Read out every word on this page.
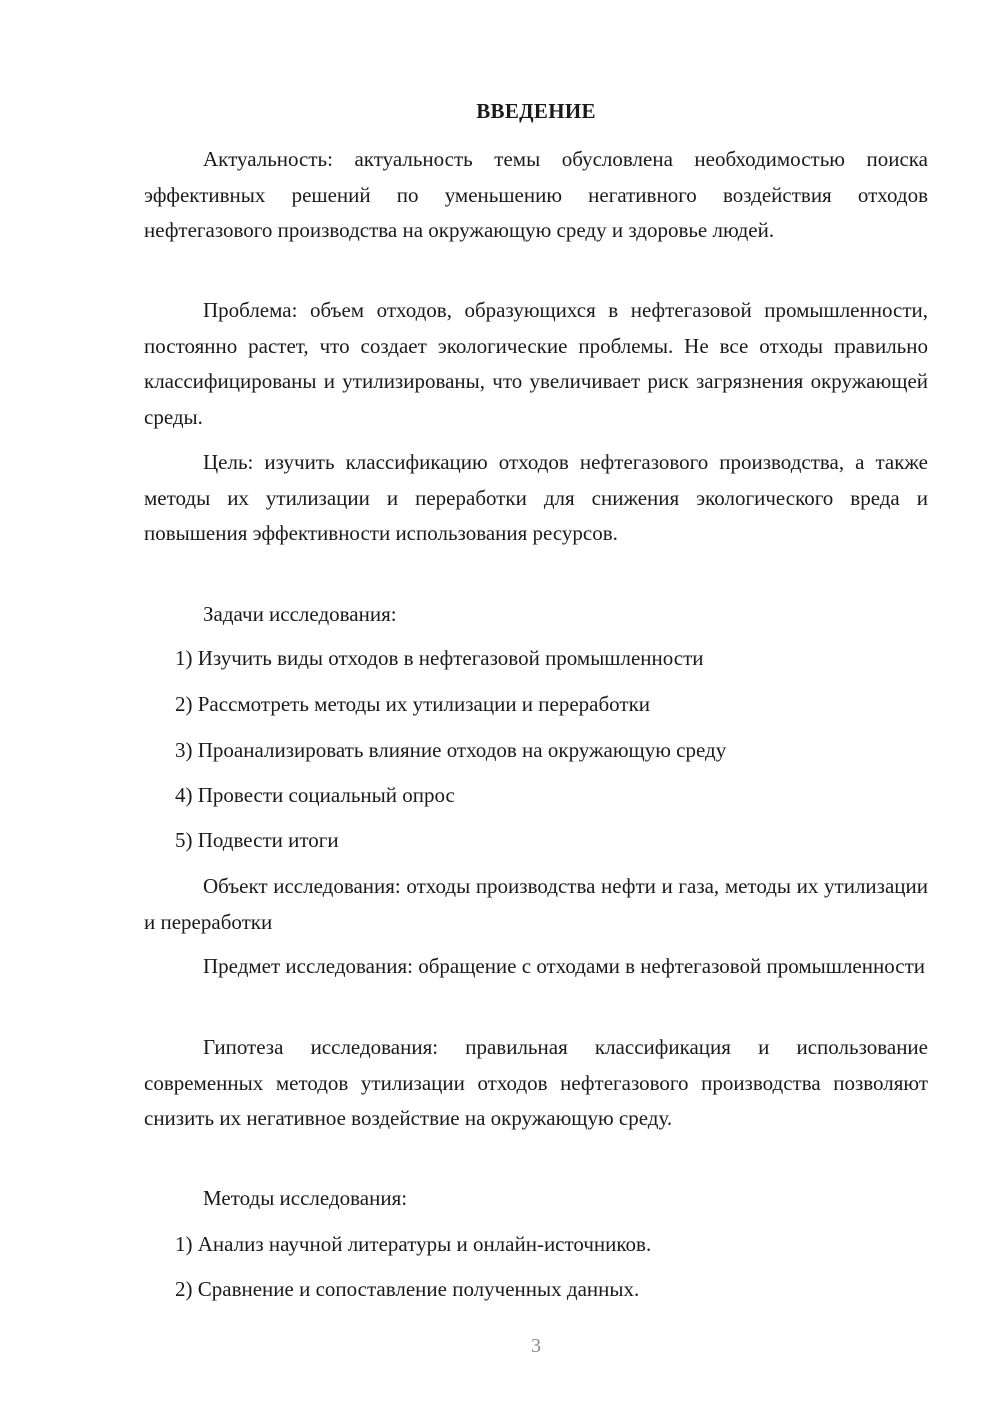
ВВЕДЕНИЕ

Актуальность: актуальность темы обусловлена необходимостью поиска эффективных решений по уменьшению негативного воздействия отходов нефтегазового производства на окружающую среду и здоровье людей.

Проблема: объем отходов, образующихся в нефтегазовой промышленности, постоянно растет, что создает экологические проблемы. Не все отходы правильно классифицированы и утилизированы, что увеличивает риск загрязнения окружающей среды.

Цель: изучить классификацию отходов нефтегазового производства, а также методы их утилизации и переработки для снижения экологического вреда и повышения эффективности использования ресурсов.

Задачи исследования:

1) Изучить виды отходов в нефтегазовой промышленности

2) Рассмотреть методы их утилизации и переработки

3) Проанализировать влияние отходов на окружающую среду

4) Провести социальный опрос

5) Подвести итоги

Объект исследования: отходы производства нефти и газа, методы их утилизации и переработки

Предмет исследования: обращение с отходами в нефтегазовой промышленности

Гипотеза исследования: правильная классификация и использование современных методов утилизации отходов нефтегазового производства позволяют снизить их негативное воздействие на окружающую среду.

Методы исследования:

1) Анализ научной литературы и онлайн-источников.

2) Сравнение и сопоставление полученных данных.

3
